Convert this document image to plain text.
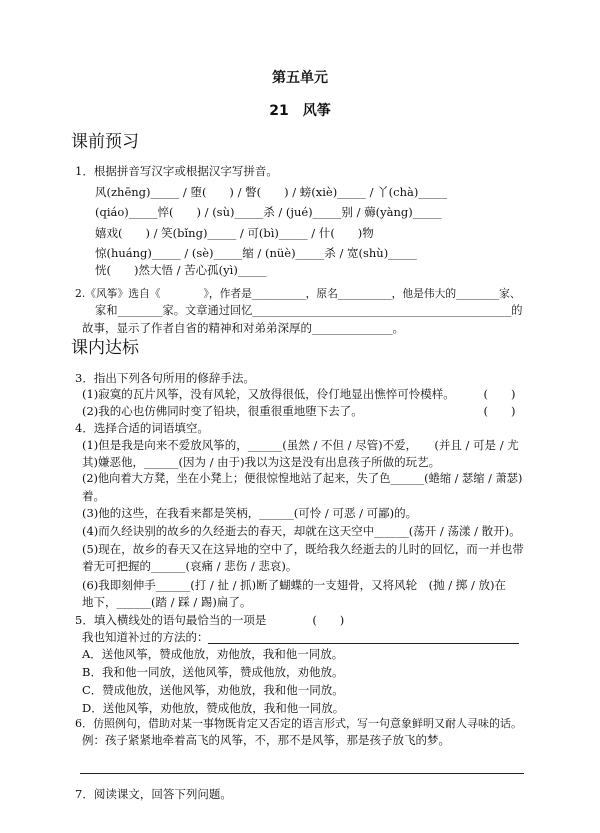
第五单元
21　风筝
课前预习
1．根据拼音写汉字或根据汉字写拼音。
风(zhēng)_____ / 堕(　　) / 瞥(　　) / 螃(xiè)_____ / 丫(chà)_____
(qiáo)_____悴(　　) / (sù)_____杀 / (jué)_____别 / 薅(yàng)_____
嬉戏(　　) / 笑(bǐng)_____ / 可(bì)_____ / 什(　　)物
惊(huáng)_____ / (sè)_____缩 / (nüè)_____杀 / 宽(shù)_____
恍(　　)然大悟 / 苦心孤(yì)_____
2.《风筝》选自《　　　　》，作者是__________，原名__________，他是伟大的________家、
家和________家。文章通过回忆______________________________________________的
故事，显示了作者自省的精神和对弟弟深厚的______________。
课内达标
3．指出下列各句所用的修辞手法。
(1)寂寞的瓦片风筝，没有风轮，又放得很低，伶仃地显出憔悴可怜模样。　　　(　　)
(2)我的心也仿佛同时变了铅块，很重很重地堕下去了。　　　　　　　　　　　(　　)
4．选择合适的词语填空。
(1)但是我是向来不爱放风筝的，______(虽然 / 不但 / 尽管)不爱，　　(并且 / 可是 / 尤
其)嫌恶他，______(因为 / 由于)我以为这是没有出息孩子所做的玩艺。
(2)他向着大方凳，坐在小凳上；便很惊惶地站了起来，失了色______(蜷缩 / 瑟缩 / 萧瑟)
着。
(3)他的这些，在我看来都是笑柄，______(可怜 / 可恶 / 可鄙)的。
(4)而久经诀别的故乡的久经逝去的春天，却就在这天空中______(荡开 / 荡漾 / 散开)。
(5)现在，故乡的春天又在这异地的空中了，既给我久经逝去的儿时的回忆，而一并也带
着无可把握的______(哀痛 / 悲伤 / 悲哀)。
(6)我即刻伸手______(打 / 扯 / 抓)断了蝴蝶的一支翅骨，又将风轮　(抛 / 掷 / 放)在
地下，______(踏 / 踩 / 踢)扁了。
5．填入横线处的语句最恰当的一项是　　　　(　　)
我也知道补过的方法的：
A．送他风筝，赞成他放，劝他放，我和他一同放。
B．我和他一同放，送他风筝，赞成他放，劝他放。
C．赞成他放，送他风筝，劝他放，我和他一同放。
D．送他风筝，劝他放，赞成他放，我和他一同放。
6．仿照例句，借助对某一事物既肯定又否定的语言形式，写一句意象鲜明又耐人寻味的话。
例：孩子紧紧地牵着高飞的风筝，不，那不是风筝，那是孩子放飞的梦。
7．阅读课文，回答下列问题。
